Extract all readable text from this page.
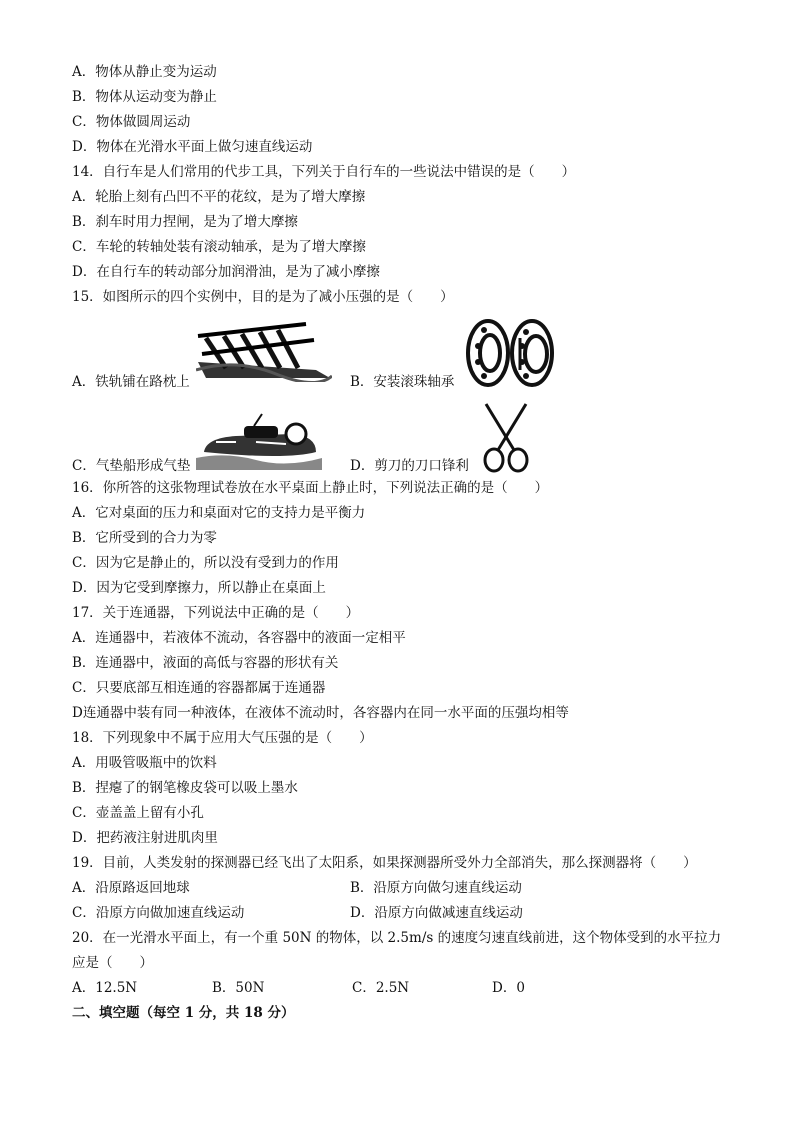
A．物体从静止变为运动
B．物体从运动变为静止
C．物体做圆周运动
D．物体在光滑水平面上做匀速直线运动
14．自行车是人们常用的代步工具，下列关于自行车的一些说法中错误的是（　　）
A．轮胎上刻有凸凹不平的花纹，是为了增大摩擦
B．刹车时用力捏闸，是为了增大摩擦
C．车轮的转轴处装有滚动轴承，是为了增大摩擦
D．在自行车的转动部分加润滑油，是为了减小摩擦
15．如图所示的四个实例中，目的是为了减小压强的是（　　）
A．铁轨铺在路枕上	B．安装滚珠轴承
C．气垫船形成气垫	D．剪刀的刀口锋利
16．你所答的这张物理试卷放在水平桌面上静止时，下列说法正确的是（　　）
A．它对桌面的压力和桌面对它的支持力是平衡力
B．它所受到的合力为零
C．因为它是静止的，所以没有受到力的作用
D．因为它受到摩擦力，所以静止在桌面上
17．关于连通器，下列说法中正确的是（　　）
A．连通器中，若液体不流动，各容器中的液面一定相平
B．连通器中，液面的高低与容器的形状有关
C．只要底部互相连通的容器都属于连通器
D连通器中装有同一种液体，在液体不流动时，各容器内在同一水平面的压强均相等
18．下列现象中不属于应用大气压强的是（　　）
A．用吸管吸瓶中的饮料
B．捏瘪了的钢笔橡皮袋可以吸上墨水
C．壶盖盖上留有小孔
D．把药液注射进肌肉里
19．目前，人类发射的探测器已经飞出了太阳系，如果探测器所受外力全部消失，那么探测器将（　　）
A．沿原路返回地球	B．沿原方向做匀速直线运动
C．沿原方向做加速直线运动	D．沿原方向做减速直线运动
20．在一光滑水平面上，有一个重 50N 的物体，以 2.5m/s 的速度匀速直线前进，这个物体受到的水平拉力
应是（　　）
A．12.5N	B．50N	C．2.5N	D．0
二、填空题（每空 1 分，共 18 分）
